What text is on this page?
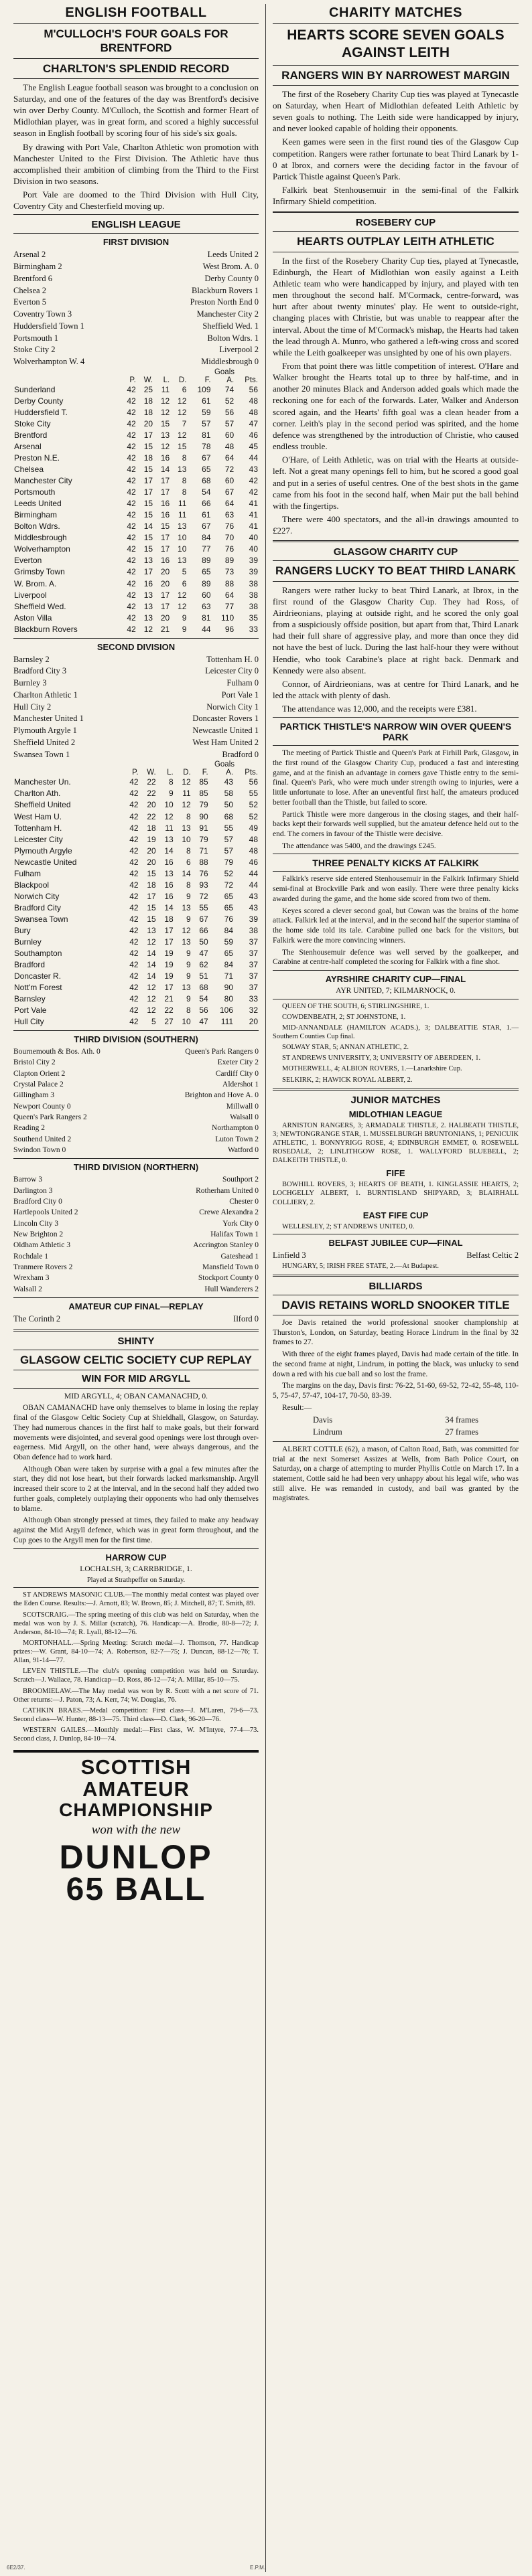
ENGLISH FOOTBALL
M'CULLOCH'S FOUR GOALS FOR BRENTFORD
CHARLTON'S SPLENDID RECORD

The English League football season was brought to a conclusion on Saturday, and one of the features of the day was Brentford's decisive win over Derby County. M'Culloch, the Scottish and former Heart of Midlothian player, was in great form, and scored a highly successful season in English football by scoring four of his side's six goals.

By drawing with Port Vale, Charlton Athletic won promotion with Manchester United to the First Division. The Athletic have thus accomplished their ambition of climbing from the Third to the First Division in two seasons.

Port Vale are doomed to the Third Division with Hull City, Coventry City and Chesterfield moving up.

ENGLISH LEAGUE
FIRST DIVISION
Arsenal 2	Leeds United 2
Birmingham 2	West Brom. A. 0
Brentford 6	Derby County 0
Chelsea 2	Blackburn Rovers 1
Everton 5	Preston North End 0
Coventry Town 3	Manchester City 2
Huddersfield Town 1	Sheffield Wed. 1
Portsmouth 1	Bolton Wdrs. 1
Stoke City 2	Liverpool 2
Wolverhampton W. 4	Middlesbrough 0
Goals
	P.	W.	L.	D.	F.	A.	Pts.
Sunderland	42	25	11	6	109	74	56
Derby County	42	18	12	12	61	52	48
Huddersfield T.	42	18	12	12	59	56	48
Stoke City	42	20	15	7	57	57	47
Brentford	42	17	13	12	81	60	46
Arsenal	42	15	12	15	78	48	45
Preston N.E.	42	18	16	8	67	64	44
Chelsea	42	15	14	13	65	72	43
Manchester City	42	17	17	8	68	60	42
Portsmouth	42	17	17	8	54	67	42
Leeds United	42	15	16	11	66	64	41
Birmingham	42	15	16	11	61	63	41
Bolton Wdrs.	42	14	15	13	67	76	41
Middlesbrough	42	15	17	10	84	70	40
Wolverhampton	42	15	17	10	77	76	40
Everton	42	13	16	13	89	89	39
Grimsby Town	42	17	20	5	65	73	39
W. Brom. A.	42	16	20	6	89	88	38
Liverpool	42	13	17	12	60	64	38
Sheffield Wed.	42	13	17	12	63	77	38
Aston Villa	42	13	20	9	81	110	35
Blackburn Rovers	42	12	21	9	44	96	33
SECOND DIVISION
Barnsley 2	Tottenham H. 0
Bradford City 3	Leicester City 0
Burnley 3	Fulham 0
Charlton Athletic 1	Port Vale 1
Hull City 2	Norwich City 1
Manchester United 1	Doncaster Rovers 1
Plymouth Argyle 1	Newcastle United 1
Sheffield United 2	West Ham United 2
Swansea Town 1	Bradford 0
Goals
	P.	W.	L.	D.	F.	A.	Pts.
Manchester Un.	42	22	8	12	85	43	56
Charlton Ath.	42	22	9	11	85	58	55
Sheffield United	42	20	10	12	79	50	52
West Ham U.	42	22	12	8	90	68	52
Tottenham H.	42	18	11	13	91	55	49
Leicester City	42	19	13	10	79	57	48
Plymouth Argyle	42	20	14	8	71	57	48
Newcastle United	42	20	16	6	88	79	46
Fulham	42	15	13	14	76	52	44
Blackpool	42	18	16	8	93	72	44
Norwich City	42	17	16	9	72	65	43
Bradford City	42	15	14	13	55	65	43
Swansea Town	42	15	18	9	67	76	39
Bury	42	13	17	12	66	84	38
Burnley	42	12	17	13	50	59	37
Southampton	42	14	19	9	47	65	37
Bradford	42	14	19	9	62	84	37
Doncaster R.	42	14	19	9	51	71	37
Nott'm Forest	42	12	17	13	68	90	37
Barnsley	42	12	21	9	54	80	33
Port Vale	42	12	22	8	56	106	32
Hull City	42	5	27	10	47	111	20
THIRD DIVISION (SOUTHERN)
Bournemouth & Bos. Ath. 0	Queen's Park Rangers 0
Bristol City 2	Exeter City 2
Clapton Orient 2	Cardiff City 0
Crystal Palace 2	Aldershot 1
Gillingham 3	Brighton and Hove A. 0
Newport County 0	Millwall 0
Queen's Park Rangers 2	Walsall 0
Reading 2	Northampton 0
Southend United 2	Luton Town 2
Swindon Town 0	Watford 0
THIRD DIVISION (NORTHERN)
Barrow 3	Southport 2
Darlington 3	Rotherham United 0
Bradford City 0	Chester 0
Hartlepools United 2	Crewe Alexandra 2
Lincoln City 3	York City 0
New Brighton 2	Halifax Town 1
Oldham Athletic 3	Accrington Stanley 0
Rochdale 1	Gateshead 1
Tranmere Rovers 2	Mansfield Town 0
Wrexham 3	Stockport County 0
Walsall 2	Hull Wanderers 2
AMATEUR CUP FINAL—REPLAY
The Corinth 2	Ilford 0
SHINTY
GLASGOW CELTIC SOCIETY CUP REPLAY
WIN FOR MID ARGYLL

MID ARGYLL, 4; OBAN CAMANACHD, 0.

OBAN CAMANACHD have only themselves to blame in losing the replay final of the Glasgow Celtic Society Cup at Shieldhall, Glasgow, on Saturday. They had numerous chances in the first half to make goals, but their forward movements were disjointed, and several good openings were lost through over-eagerness. Mid Argyll, on the other hand, were always dangerous, and the Oban defence had to work hard.

Although Oban were taken by surprise with a goal a few minutes after the start, they did not lose heart, but their forwards lacked marksmanship. Argyll increased their score to 2 at the interval, and in the second half they added two further goals, completely outplaying their opponents who had only themselves to blame.

Although Oban strongly pressed at times, they failed to make any headway against the Mid Argyll defence, which was in great form throughout, and the Cup goes to the Argyll men for the first time.

HARROW CUP

LOCHALSH, 3; CARRBRIDGE, 1.

Played at Strathpeffer on Saturday.

ST ANDREWS MASONIC CLUB.—The monthly medal contest was played over the Eden Course. Results:—J. Arnott, 83; W. Brown, 85; J. Mitchell, 87; T. Smith, 89.

SCOTSCRAIG.—The spring meeting of this club was held on Saturday, when the medal was won by J. S. Millar (scratch), 76. Handicap:—A. Brodie, 80-8—72; J. Anderson, 84-10—74; R. Lyall, 88-12—76.

MORTONHALL.—Spring Meeting: Scratch medal—J. Thomson, 77. Handicap prizes:—W. Grant, 84-10—74; A. Robertson, 82-7—75; J. Duncan, 88-12—76; T. Allan, 91-14—77.

LEVEN THISTLE.—The club's opening competition was held on Saturday. Scratch—J. Wallace, 78. Handicap—D. Ross, 86-12—74; A. Millar, 85-10—75.

BROOMIELAW.—The May medal was won by R. Scott with a net score of 71. Other returns:—J. Paton, 73; A. Kerr, 74; W. Douglas, 76.

CATHKIN BRAES.—Medal competition: First class—J. M'Laren, 79-6—73. Second class—W. Hunter, 88-13—75. Third class—D. Clark, 96-20—76.

WESTERN GAILES.—Monthly medal:—First class, W. M'Intyre, 77-4—73. Second class, J. Dunlop, 84-10—74.

SCOTTISH
AMATEUR
CHAMPIONSHIP
won with the new
DUNLOP
65 BALL
6E2/37.	E.P.M.
CHARITY MATCHES
HEARTS SCORE SEVEN GOALS AGAINST LEITH
RANGERS WIN BY NARROWEST MARGIN

The first of the Rosebery Charity Cup ties was played at Tynecastle on Saturday, when Heart of Midlothian defeated Leith Athletic by seven goals to nothing. The Leith side were handicapped by injury, and never looked capable of holding their opponents.

Keen games were seen in the first round ties of the Glasgow Cup competition. Rangers were rather fortunate to beat Third Lanark by 1-0 at Ibrox, and corners were the deciding factor in the favour of Partick Thistle against Queen's Park.

Falkirk beat Stenhousemuir in the semi-final of the Falkirk Infirmary Shield competition.

ROSEBERY CUP
HEARTS OUTPLAY LEITH ATHLETIC

In the first of the Rosebery Charity Cup ties, played at Tynecastle, Edinburgh, the Heart of Midlothian won easily against a Leith Athletic team who were handicapped by injury, and played with ten men throughout the second half. M'Cormack, centre-forward, was hurt after about twenty minutes' play. He went to outside-right, changing places with Christie, but was unable to reappear after the interval. About the time of M'Cormack's mishap, the Hearts had taken the lead through A. Munro, who gathered a left-wing cross and scored while the Leith goalkeeper was unsighted by one of his own players.

From that point there was little competition of interest. O'Hare and Walker brought the Hearts total up to three by half-time, and in another 20 minutes Black and Anderson added goals which made the reckoning one for each of the forwards. Later, Walker and Anderson scored again, and the Hearts' fifth goal was a clean header from a corner. Leith's play in the second period was spirited, and the home defence was strengthened by the introduction of Christie, who caused endless trouble.

O'Hare, of Leith Athletic, was on trial with the Hearts at outside-left. Not a great many openings fell to him, but he scored a good goal and put in a series of useful centres. One of the best shots in the game came from his foot in the second half, when Mair put the ball behind with the fingertips.

There were 400 spectators, and the all-in drawings amounted to £227.

GLASGOW CHARITY CUP
RANGERS LUCKY TO BEAT THIRD LANARK

Rangers were rather lucky to beat Third Lanark, at Ibrox, in the first round of the Glasgow Charity Cup. They had Ross, of Airdrieonians, playing at outside right, and he scored the only goal from a suspiciously offside position, but apart from that, Third Lanark had their full share of aggressive play, and more than once they did not have the best of luck. During the last half-hour they were without Hendie, who took Carabine's place at right back. Denmark and Kennedy were also absent.

Connor, of Airdrieonians, was at centre for Third Lanark, and he led the attack with plenty of dash.

The attendance was 12,000, and the receipts were £381.

PARTICK THISTLE'S NARROW WIN OVER QUEEN'S PARK

The meeting of Partick Thistle and Queen's Park at Firhill Park, Glasgow, in the first round of the Glasgow Charity Cup, produced a fast and interesting game, and at the finish an advantage in corners gave Thistle entry to the semi-final. Queen's Park, who were much under strength owing to injuries, were a little unfortunate to lose. After an uneventful first half, the amateurs produced better football than the Thistle, but failed to score.

Partick Thistle were more dangerous in the closing stages, and their half-backs kept their forwards well supplied, but the amateur defence held out to the end. The corners in favour of the Thistle were decisive.

The attendance was 5400, and the drawings £245.

THREE PENALTY KICKS AT FALKIRK

Falkirk's reserve side entered Stenhousemuir in the Falkirk Infirmary Shield semi-final at Brockville Park and won easily. There were three penalty kicks awarded during the game, and the home side scored from two of them.

Keyes scored a clever second goal, but Cowan was the brains of the home attack. Falkirk led at the interval, and in the second half the superior stamina of the home side told its tale. Carabine pulled one back for the visitors, but Falkirk were the more convincing winners.

The Stenhousemuir defence was well served by the goalkeeper, and Carabine at centre-half completed the scoring for Falkirk with a fine shot.

AYRSHIRE CHARITY CUP—FINAL

AYR UNITED, 7; KILMARNOCK, 0.

QUEEN OF THE SOUTH, 6; STIRLINGSHIRE, 1.

COWDENBEATH, 2; ST JOHNSTONE, 1.

MID-ANNANDALE (HAMILTON ACADS.), 3; DALBEATTIE STAR, 1.—Southern Counties Cup final.

SOLWAY STAR, 5; ANNAN ATHLETIC, 2.

ST ANDREWS UNIVERSITY, 3; UNIVERSITY OF ABERDEEN, 1.

MOTHERWELL, 4; ALBION ROVERS, 1.—Lanarkshire Cup.

SELKIRK, 2; HAWICK ROYAL ALBERT, 2.

JUNIOR MATCHES
MIDLOTHIAN LEAGUE

ARNISTON RANGERS, 3; ARMADALE THISTLE, 2. HALBEATH THISTLE, 3; NEWTONGRANGE STAR, 1. MUSSELBURGH BRUNTONIANS, 1; PENICUIK ATHLETIC, 1. BONNYRIGG ROSE, 4; EDINBURGH EMMET, 0. ROSEWELL ROSEDALE, 2; LINLITHGOW ROSE, 1. WALLYFORD BLUEBELL, 2; DALKEITH THISTLE, 0.

FIFE

BOWHILL ROVERS, 3; HEARTS OF BEATH, 1. KINGLASSIE HEARTS, 2; LOCHGELLY ALBERT, 1. BURNTISLAND SHIPYARD, 3; BLAIRHALL COLLIERY, 2.

EAST FIFE CUP

WELLESLEY, 2; ST ANDREWS UNITED, 0.

BELFAST JUBILEE CUP—FINAL
Linfield 3	Belfast Celtic 2

HUNGARY, 5; IRISH FREE STATE, 2.—At Budapest.

BILLIARDS
DAVIS RETAINS WORLD SNOOKER TITLE

Joe Davis retained the world professional snooker championship at Thurston's, London, on Saturday, beating Horace Lindrum in the final by 32 frames to 27.

With three of the eight frames played, Davis had made certain of the title. In the second frame at night, Lindrum, in potting the black, was unlucky to send down a red with his cue ball and so lost the frame.

The margins on the day, Davis first: 76-22, 51-60, 69-52, 72-42, 55-48, 110-5, 75-47, 57-47, 104-17, 70-50, 83-39.

Result:—

Davis	34 frames
Lindrum	27 frames

ALBERT COTTLE (62), a mason, of Calton Road, Bath, was committed for trial at the next Somerset Assizes at Wells, from Bath Police Court, on Saturday, on a charge of attempting to murder Phyllis Cottle on March 17. In a statement, Cottle said he had been very unhappy about his legal wife, who was still alive. He was remanded in custody, and bail was granted by the magistrates.
